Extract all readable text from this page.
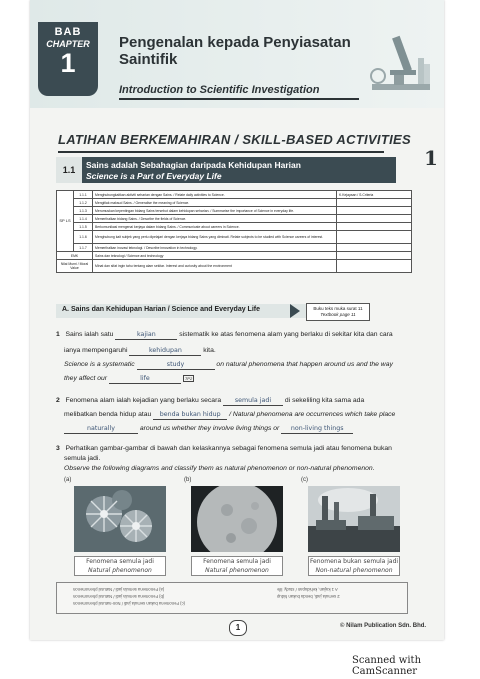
BAB
CHAPTER
1
Pengenalan kepada Penyiasatan Saintifik
Introduction to Scientific Investigation
1
LATIHAN BERKEMAHIRAN / SKILL-BASED ACTIVITIES
1.1	Sains adalah Sebahagian daripada Kehidupan Harian
Science is a Part of Everyday Life
SP LS	1.1.1	Menghubungkaitkan aktiviti seharian dengan Sains. / Relate daily activities to Science.	K.Kejayaan / S.Criteria
	1.1.2	Mengitlak maksud Sains. / Generalise the meaning of Science.	
	1.1.3	Merumuskan kepentingan bidang Sains tersebut dalam kehidupan seharian. / Summarise the importance of Science in everyday life.	
	1.1.4	Memerihalkan bidang Sains. / Describe the fields of Science.	
	1.1.5	Berkomunikasi mengenai kerjaya dalam bidang Sains. / Communicate about careers in Science.	
	1.1.6	Menghubung kait subjek yang perlu dipelajari dengan kerjaya bidang Sains yang diminati. Relate subjects to be studied with Science careers of interest.	
	1.1.7	Memerihalkan inovasi teknologi. / Describe innovation in technology.	
EMK		Sains dan teknologi / Science and technology	
Nilai Murni / Moral Value		Minat dan sifat ingin tahu tentang alam sekitar. Interest and curiosity about the environment	
A. Sains dan Kehidupan Harian / Science and Everyday Life	Buku teks muka surat 11
Textbook page 11
1 Sains ialah satu	kajian	sistematik ke atas fenomena alam yang berlaku di sekitar kita dan cara
ianya mempengaruhi	kehidupan	kita.
Science is a systematic	study	on natural phenomena that happen around us and the way
they affect our	life	TP2
2 Fenomena alam ialah kejadian yang berlaku secara semula jadi di sekeliling kita sama ada
melibatkan benda hidup atau benda bukan hidup / Natural phenomena are occurrences which take place
naturally	around us whether they involve living things or non-living things
3 Perhatikan gambar-gambar di bawah dan kelaskannya sebagai fenomena semula jadi atau fenomena bukan
semula jadi.
Observe the following diagrams and classify them as natural phenomenon or non-natural phenomenon.
(a)	(b)	(c)
Fenomena semula jadi
Natural phenomenon
Fenomena semula jadi
Natural phenomenon
Fenomena bukan semula jadi
Non-natural phenomenon
A 1 kajian, kehidupan / study, life
2 semula jadi, benda bukan hidup
(a) Fenomena semula jadi / Natural phenomenon
(b) Fenomena semula jadi / Natural phenomenon
(c) Fenomena bukan semula jadi / Non-natural phenomenon
1	© Nilam Publication Sdn. Bhd.
Scanned with CamScanner
